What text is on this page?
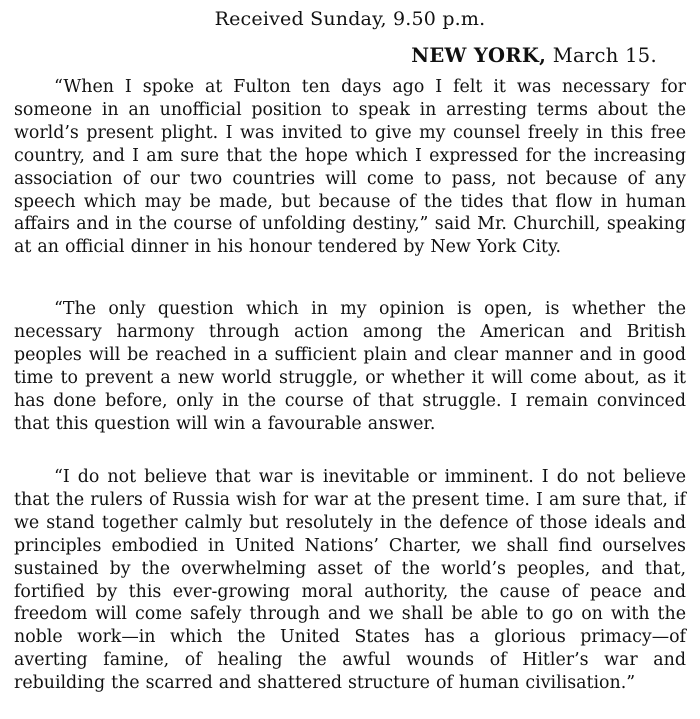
Received Sunday, 9.50 p.m.
NEW YORK, March 15.
“When I spoke at Fulton ten days ago I felt it was necessary for someone in an unofficial position to speak in arresting terms about the world’s present plight. I was invited to give my counsel freely in this free country, and I am sure that the hope which I expressed for the increasing association of our two countries will come to pass, not because of any speech which may be made, but because of the tides that flow in human affairs and in the course of unfolding destiny,” said Mr. Churchill, speaking at an official dinner in his honour tendered by New York City.
“The only question which in my opinion is open, is whether the necessary harmony through action among the American and British peoples will be reached in a sufficient plain and clear manner and in good time to prevent a new world struggle, or whether it will come about, as it has done before, only in the course of that struggle. I remain convinced that this question will win a favourable answer.
“I do not believe that war is inevitable or imminent. I do not believe that the rulers of Russia wish for war at the present time. I am sure that, if we stand together calmly but resolutely in the defence of those ideals and principles embodied in United Nations’ Charter, we shall find ourselves sustained by the overwhelming asset of the world’s peoples, and that, fortified by this ever-growing moral authority, the cause of peace and freedom will come safely through and we shall be able to go on with the noble work—in which the United States has a glorious primacy—of averting famine, of healing the awful wounds of Hitler’s war and rebuilding the scarred and shattered structure of human civilisation.”
